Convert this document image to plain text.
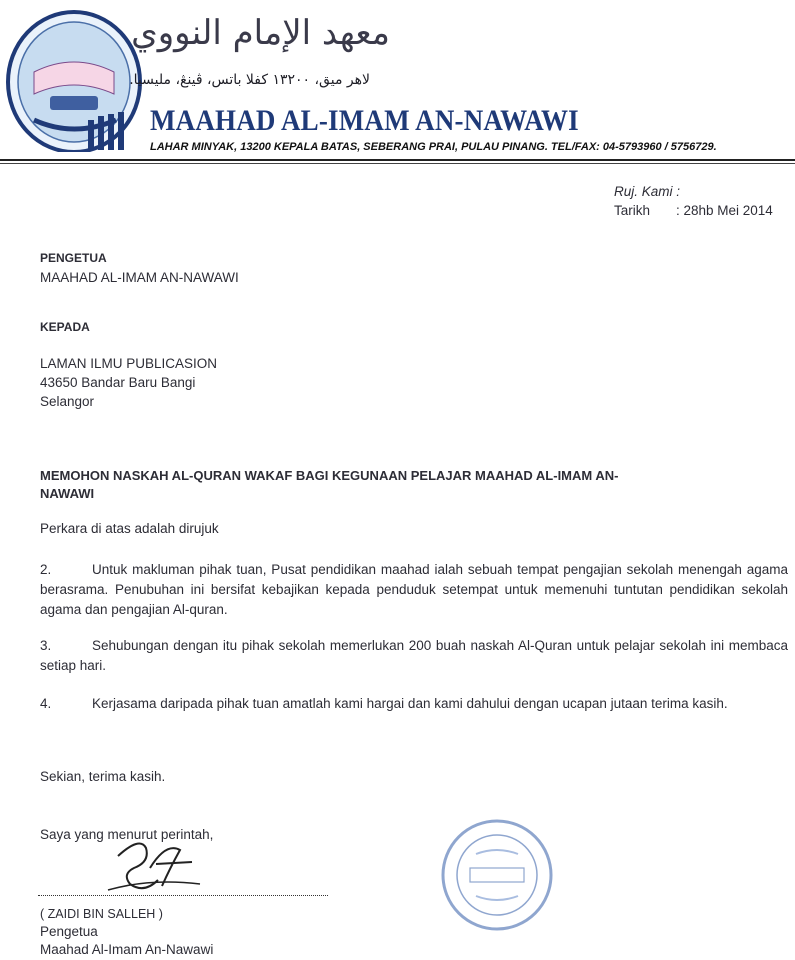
معهد الإمام النووي
لاهر ميق، ١٣٢٠٠ كفلا باتس، ڤينڠ، مليسيا.
MAAHAD AL-IMAM AN-NAWAWI
LAHAR MINYAK, 13200 KEPALA BATAS, SEBERANG PRAI, PULAU PINANG. TEL/FAX: 04-5793960 / 5756729.
Ruj. Kami :
Tarikh : 28hb Mei 2014
PENGETUA
MAAHAD AL-IMAM AN-NAWAWI
KEPADA
LAMAN ILMU PUBLICASION
43650 Bandar Baru Bangi
Selangor
MEMOHON NASKAH AL-QURAN WAKAF BAGI KEGUNAAN PELAJAR MAAHAD AL-IMAM AN-
NAWAWI
Perkara di atas adalah dirujuk
2.	Untuk makluman pihak tuan, Pusat pendidikan maahad ialah sebuah tempat pengajian sekolah menengah agama berasrama. Penubuhan ini bersifat kebajikan kepada penduduk setempat untuk memenuhi tuntutan pendidikan sekolah agama dan pengajian Al-quran.
3.	Sehubungan dengan itu pihak sekolah memerlukan 200 buah naskah Al-Quran untuk pelajar sekolah ini membaca setiap hari.
4.	Kerjasama daripada pihak tuan amatlah kami hargai dan kami dahului dengan ucapan jutaan terima kasih.
Sekian, terima kasih.
Saya yang menurut perintah,
( ZAIDI BIN SALLEH )
Pengetua
Maahad Al-Imam An-Nawawi
